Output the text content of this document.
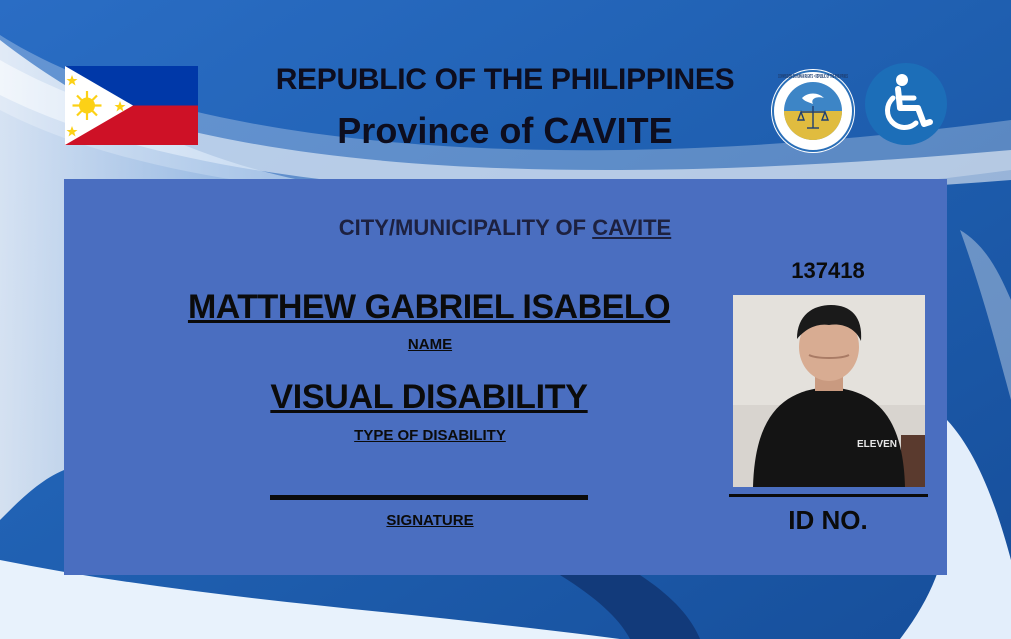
REPUBLIC OF THE PHILIPPINES
Province of CAVITE
COMMISSION ON HUMAN RIGHTS • REPUBLIC OF THE PHILIPPINES
CITY/MUNICIPALITY OF CAVITE
MATTHEW GABRIEL ISABELO
NAME
VISUAL DISABILITY
TYPE OF DISABILITY
SIGNATURE
137418
ELEVEN
ID NO.
